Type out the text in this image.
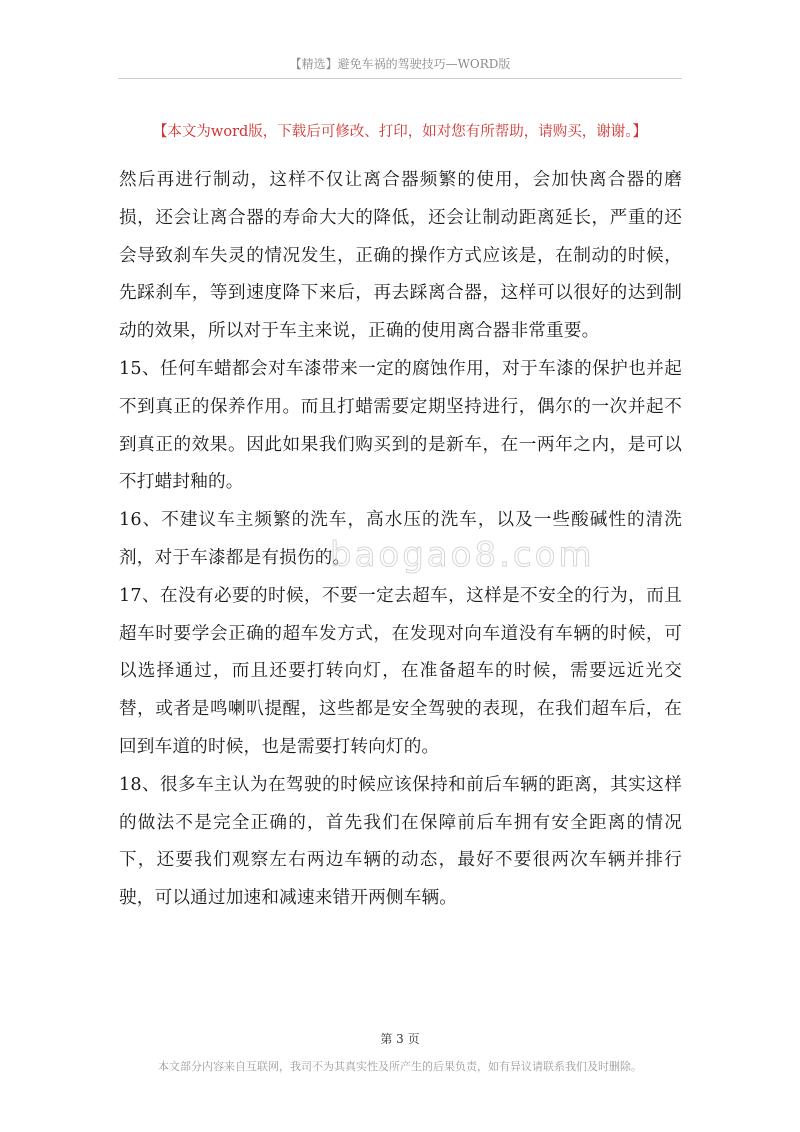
【精选】避免车祸的驾驶技巧—WORD版
【本文为word版，下载后可修改、打印，如对您有所帮助，请购买，谢谢。】

然后再进行制动，这样不仅让离合器频繁的使用，会加快离合器的磨损，还会让离合器的寿命大大的降低，还会让制动距离延长，严重的还会导致刹车失灵的情况发生，正确的操作方式应该是，在制动的时候，先踩刹车，等到速度降下来后，再去踩离合器，这样可以很好的达到制动的效果，所以对于车主来说，正确的使用离合器非常重要。

15、任何车蜡都会对车漆带来一定的腐蚀作用，对于车漆的保护也并起不到真正的保养作用。而且打蜡需要定期坚持进行，偶尔的一次并起不到真正的效果。因此如果我们购买到的是新车，在一两年之内，是可以不打蜡封釉的。

16、不建议车主频繁的洗车，高水压的洗车，以及一些酸碱性的清洗剂，对于车漆都是有损伤的。

17、在没有必要的时候，不要一定去超车，这样是不安全的行为，而且超车时要学会正确的超车发方式，在发现对向车道没有车辆的时候，可以选择通过，而且还要打转向灯，在准备超车的时候，需要远近光交替，或者是鸣喇叭提醒，这些都是安全驾驶的表现，在我们超车后，在回到车道的时候，也是需要打转向灯的。

18、很多车主认为在驾驶的时候应该保持和前后车辆的距离，其实这样的做法不是完全正确的，首先我们在保障前后车拥有安全距离的情况下，还要我们观察左右两边车辆的动态，最好不要很两次车辆并排行驶，可以通过加速和减速来错开两侧车辆。

baogao8.com
第 3 页
本文部分内容来自互联网，我司不为其真实性及所产生的后果负责，如有异议请联系我们及时删除。
